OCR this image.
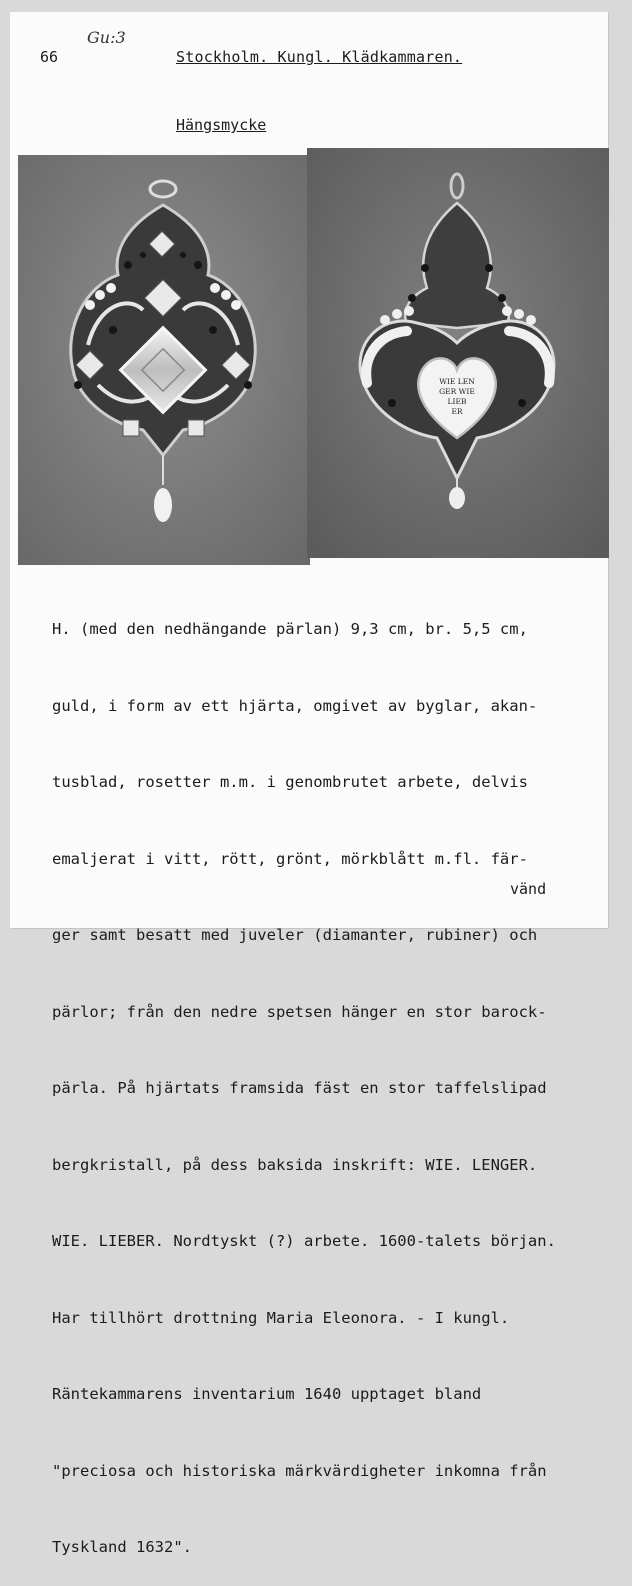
Gu:3
66	Stockholm. Kungl. Klädkammaren.
Hängsmycke
WIE LEN
GER WIE
LIEB
ER

H. (med den nedhängande pärlan) 9,3 cm, br. 5,5 cm,

guld, i form av ett hjärta, omgivet av byglar, akan-

tusblad, rosetter m.m. i genombrutet arbete, delvis

emaljerat i vitt, rött, grönt, mörkblått m.fl. fär-

ger samt besatt med juveler (diamanter, rubiner) och

pärlor; från den nedre spetsen hänger en stor barock-

pärla. På hjärtats framsida fäst en stor taffelslipad

bergkristall, på dess baksida inskrift: WIE. LENGER.

WIE. LIEBER. Nordtyskt (?) arbete. 1600-talets början.

Har tillhört drottning Maria Eleonora. - I kungl.

Räntekammarens inventarium 1640 upptaget bland

"preciosa och historiska märkvärdigheter inkomna från

Tyskland 1632".

vänd
